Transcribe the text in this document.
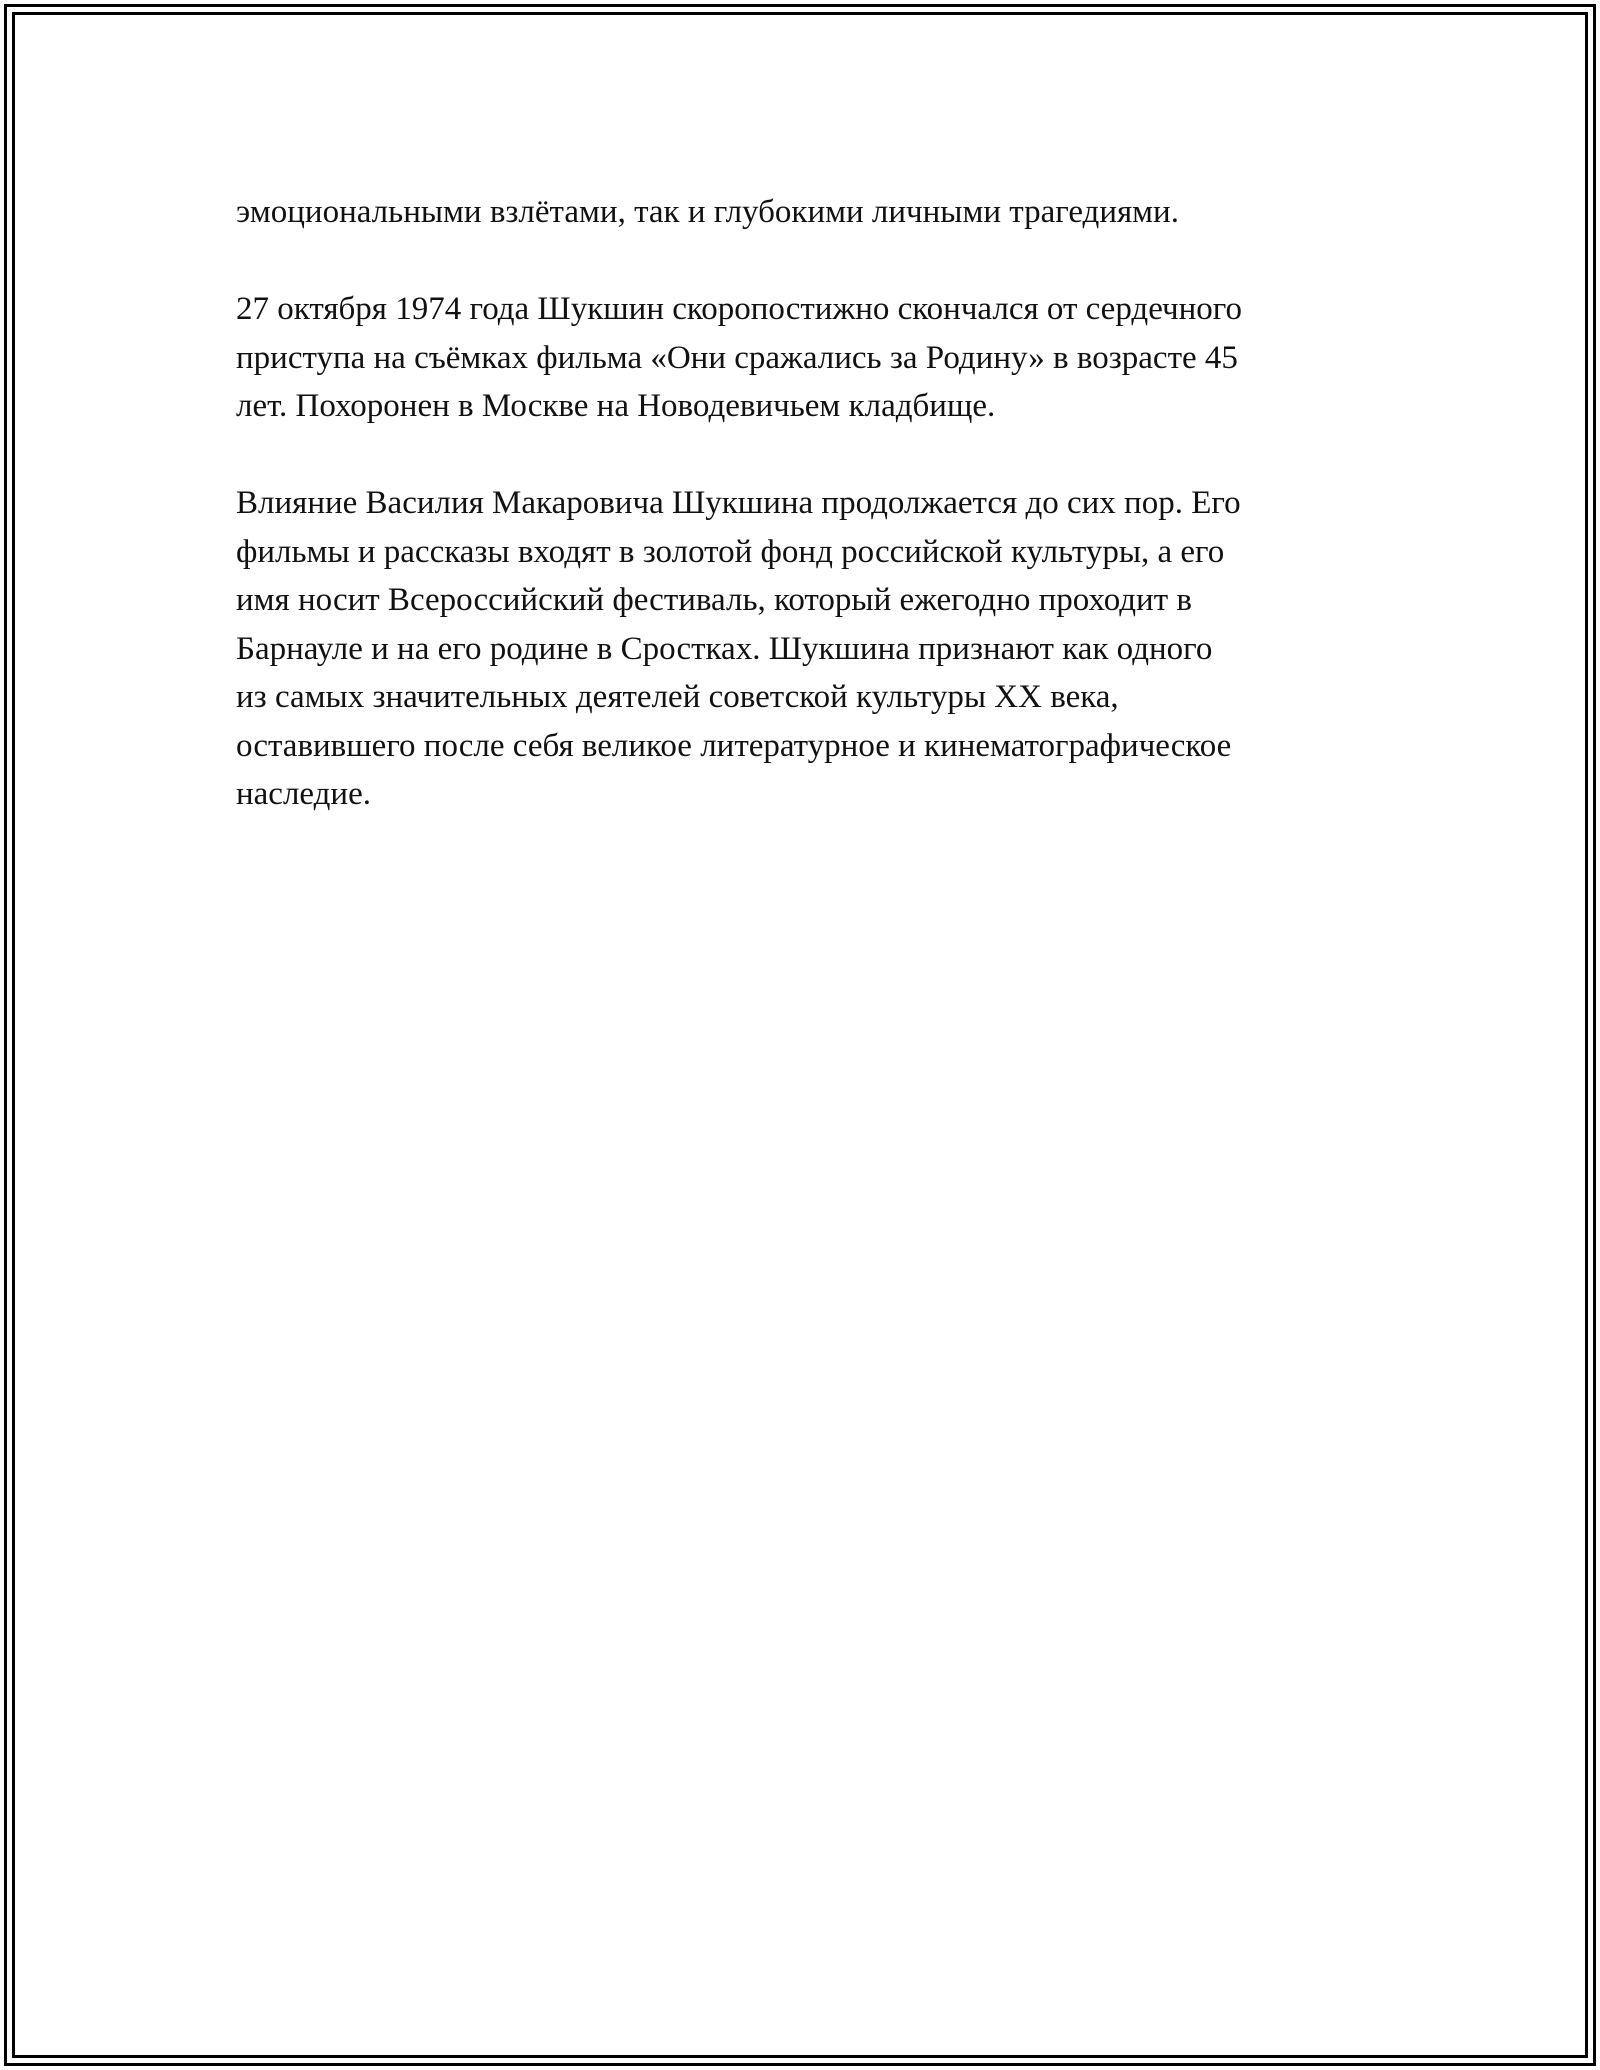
эмоциональными взлётами, так и глубокими личными трагедиями.

27 октября 1974 года Шукшин скоропостижно скончался от сердечного
приступа на съёмках фильма «Они сражались за Родину» в возрасте 45
лет. Похоронен в Москве на Новодевичьем кладбище.

Влияние Василия Макаровича Шукшина продолжается до сих пор. Его
фильмы и рассказы входят в золотой фонд российской культуры, а его
имя носит Всероссийский фестиваль, который ежегодно проходит в
Барнауле и на его родине в Сростках. Шукшина признают как одного
из самых значительных деятелей советской культуры XX века,
оставившего после себя великое литературное и кинематографическое
наследие.
